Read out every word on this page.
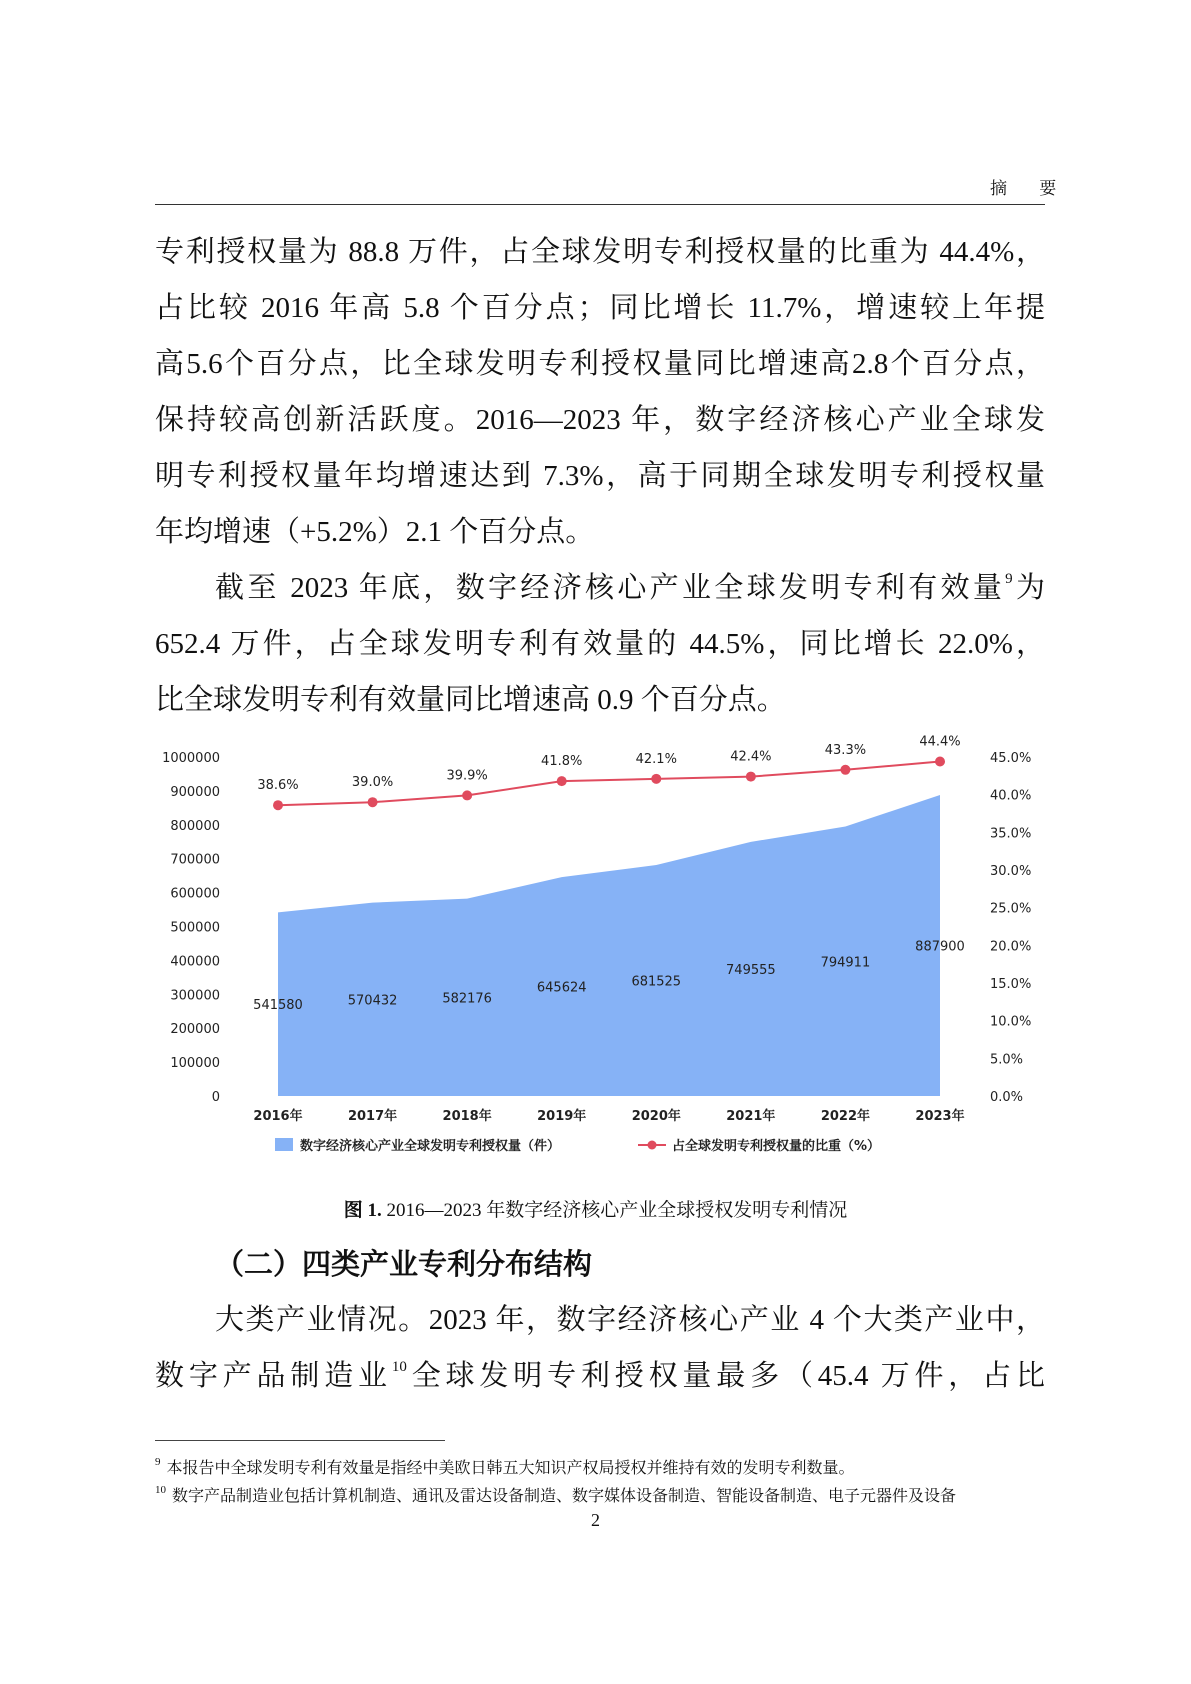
摘 要
专利授权量为 88.8 万件，占全球发明专利授权量的比重为 44.4%，
占比较 2016 年高 5.8 个百分点；同比增长 11.7%，增速较上年提
高5.6个百分点，比全球发明专利授权量同比增速高2.8个百分点，
保持较高创新活跃度。2016—2023 年，数字经济核心产业全球发
明专利授权量年均增速达到 7.3%，高于同期全球发明专利授权量
年均增速（+5.2%）2.1 个百分点。
截至 2023 年底，数字经济核心产业全球发明专利有效量$^9$为
652.4 万件，占全球发明专利有效量的 44.5%，同比增长 22.0%，
比全球发明专利有效量同比增速高 0.9 个百分点。
0
100000
200000
300000
400000
500000
600000
700000
800000
900000
1000000
0.0%
5.0%
10.0%
15.0%
20.0%
25.0%
30.0%
35.0%
40.0%
45.0%
2016年	2017年	2018年	2019年	2020年	2021年	2022年	2023年
541580	570432	582176
645624	681525
749555
794911
887900
38.6%	39.0%	39.9%
41.8%	42.1%	42.4%	43.3%
44.4%
数字经济核心产业全球发明专利授权量（件）	占全球发明专利授权量的比重（%）
图 1. 2016—2023 年数字经济核心产业全球授权发明专利情况
（二）四类产业专利分布结构
大类产业情况。2023 年，数字经济核心产业 4 个大类产业中，
数字产品制造业$^{10}$全球发明专利授权量最多（45.4 万件，占比
$^9$ 本报告中全球发明专利有效量是指经中美欧日韩五大知识产权局授权并维持有效的发明专利数量。
$^{10}$ 数字产品制造业包括计算机制造、通讯及雷达设备制造、数字媒体设备制造、智能设备制造、电子元器件及设备
2
